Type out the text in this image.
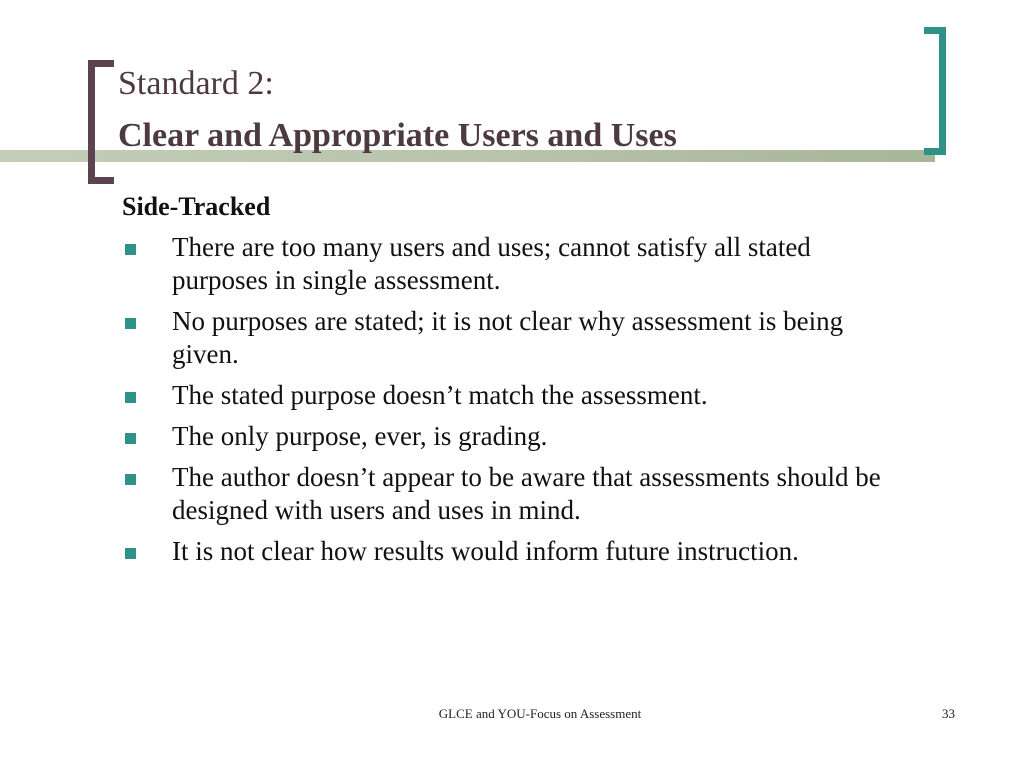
Standard 2:
Clear and Appropriate Users and Uses
Side-Tracked
There are too many users and uses; cannot satisfy all stated purposes in single assessment.
No purposes are stated; it is not clear why assessment is being given.
The stated purpose doesn’t match the assessment.
The only purpose, ever, is grading.
The author doesn’t appear to be aware that assessments should be designed with users and uses in mind.
It is not clear how results would inform future instruction.
GLCE and YOU-Focus on Assessment	33
